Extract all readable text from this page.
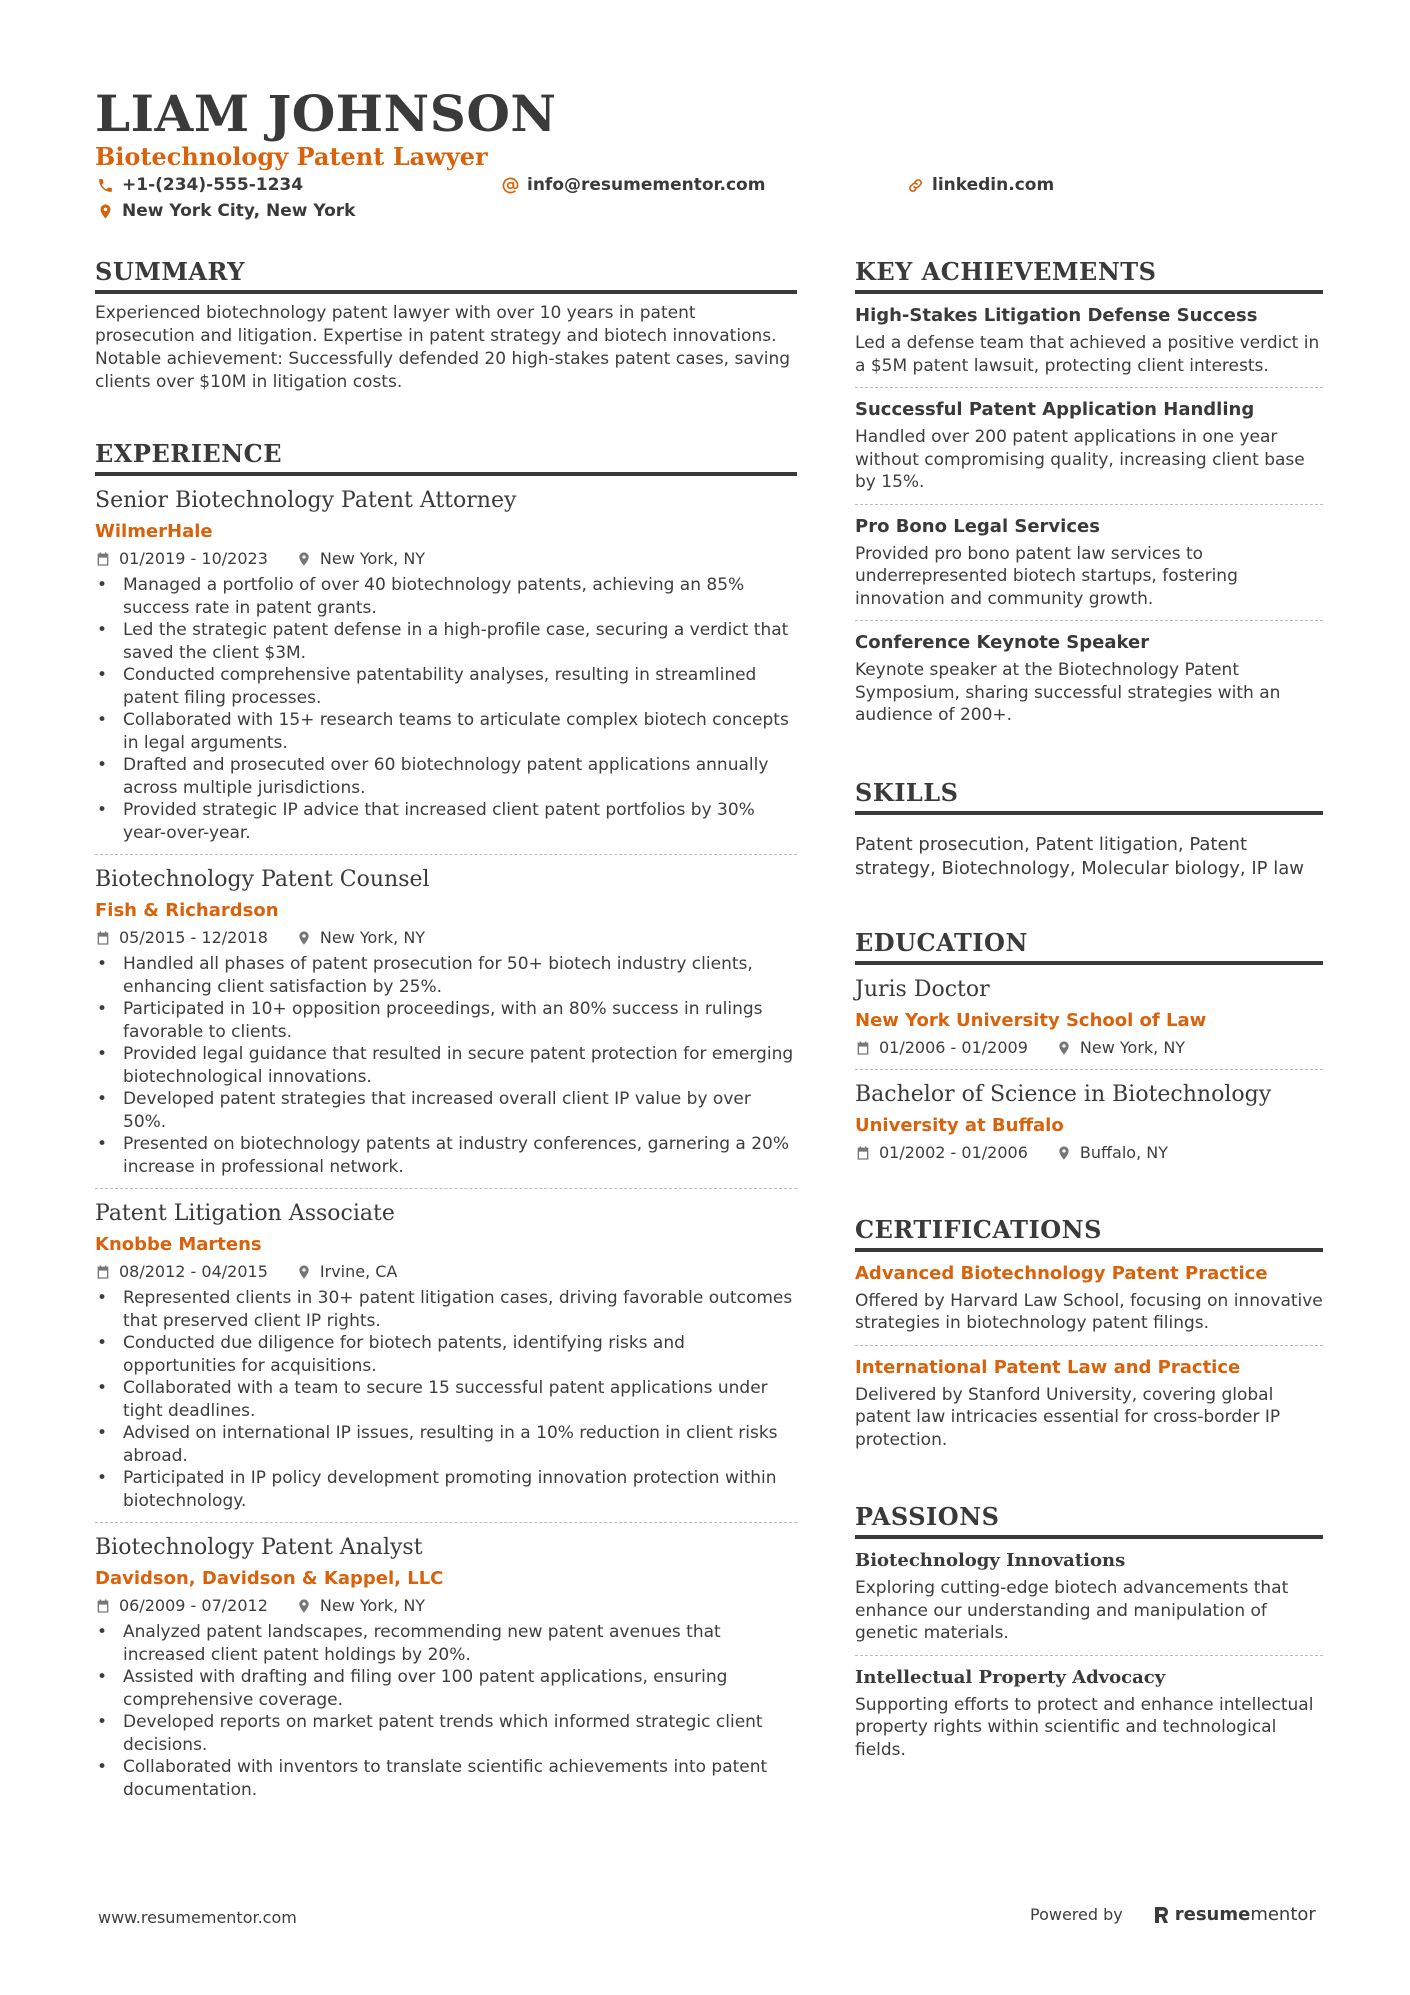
LIAM JOHNSON
Biotechnology Patent Lawyer
+1-(234)-555-1234	info@resumementor.com	linkedin.com
New York City, New York
SUMMARY

Experienced biotechnology patent lawyer with over 10 years in patent prosecution and litigation. Expertise in patent strategy and biotech innovations. Notable achievement: Successfully defended 20 high-stakes patent cases, saving clients over $10M in litigation costs.

EXPERIENCE

Senior Biotechnology Patent Attorney

WilmerHale

01/2019 - 10/2023	New York, NY
• Managed a portfolio of over 40 biotechnology patents, achieving an 85% success rate in patent grants.
• Led the strategic patent defense in a high-profile case, securing a verdict that saved the client $3M.
• Conducted comprehensive patentability analyses, resulting in streamlined patent filing processes.
• Collaborated with 15+ research teams to articulate complex biotech concepts in legal arguments.
• Drafted and prosecuted over 60 biotechnology patent applications annually across multiple jurisdictions.
• Provided strategic IP advice that increased client patent portfolios by 30% year-over-year.

Biotechnology Patent Counsel

Fish & Richardson

05/2015 - 12/2018	New York, NY
• Handled all phases of patent prosecution for 50+ biotech industry clients, enhancing client satisfaction by 25%.
• Participated in 10+ opposition proceedings, with an 80% success in rulings favorable to clients.
• Provided legal guidance that resulted in secure patent protection for emerging biotechnological innovations.
• Developed patent strategies that increased overall client IP value by over 50%.
• Presented on biotechnology patents at industry conferences, garnering a 20% increase in professional network.

Patent Litigation Associate

Knobbe Martens

08/2012 - 04/2015	Irvine, CA
• Represented clients in 30+ patent litigation cases, driving favorable outcomes that preserved client IP rights.
• Conducted due diligence for biotech patents, identifying risks and opportunities for acquisitions.
• Collaborated with a team to secure 15 successful patent applications under tight deadlines.
• Advised on international IP issues, resulting in a 10% reduction in client risks abroad.
• Participated in IP policy development promoting innovation protection within biotechnology.

Biotechnology Patent Analyst

Davidson, Davidson & Kappel, LLC

06/2009 - 07/2012	New York, NY
• Analyzed patent landscapes, recommending new patent avenues that increased client patent holdings by 20%.
• Assisted with drafting and filing over 100 patent applications, ensuring comprehensive coverage.
• Developed reports on market patent trends which informed strategic client decisions.
• Collaborated with inventors to translate scientific achievements into patent documentation.
KEY ACHIEVEMENTS

High-Stakes Litigation Defense Success

Led a defense team that achieved a positive verdict in a $5M patent lawsuit, protecting client interests.

Successful Patent Application Handling

Handled over 200 patent applications in one year without compromising quality, increasing client base by 15%.

Pro Bono Legal Services

Provided pro bono patent law services to underrepresented biotech startups, fostering innovation and community growth.

Conference Keynote Speaker

Keynote speaker at the Biotechnology Patent Symposium, sharing successful strategies with an audience of 200+.

SKILLS

Patent prosecution, Patent litigation, Patent strategy, Biotechnology, Molecular biology, IP law

EDUCATION

Juris Doctor

New York University School of Law

01/2006 - 01/2009	New York, NY

Bachelor of Science in Biotechnology

University at Buffalo

01/2002 - 01/2006	Buffalo, NY
CERTIFICATIONS

Advanced Biotechnology Patent Practice

Offered by Harvard Law School, focusing on innovative strategies in biotechnology patent filings.

International Patent Law and Practice

Delivered by Stanford University, covering global patent law intricacies essential for cross-border IP protection.

PASSIONS

Biotechnology Innovations

Exploring cutting-edge biotech advancements that enhance our understanding and manipulation of genetic materials.

Intellectual Property Advocacy

Supporting efforts to protect and enhance intellectual property rights within scientific and technological fields.

www.resumementor.com	Powered by	resume mentor
